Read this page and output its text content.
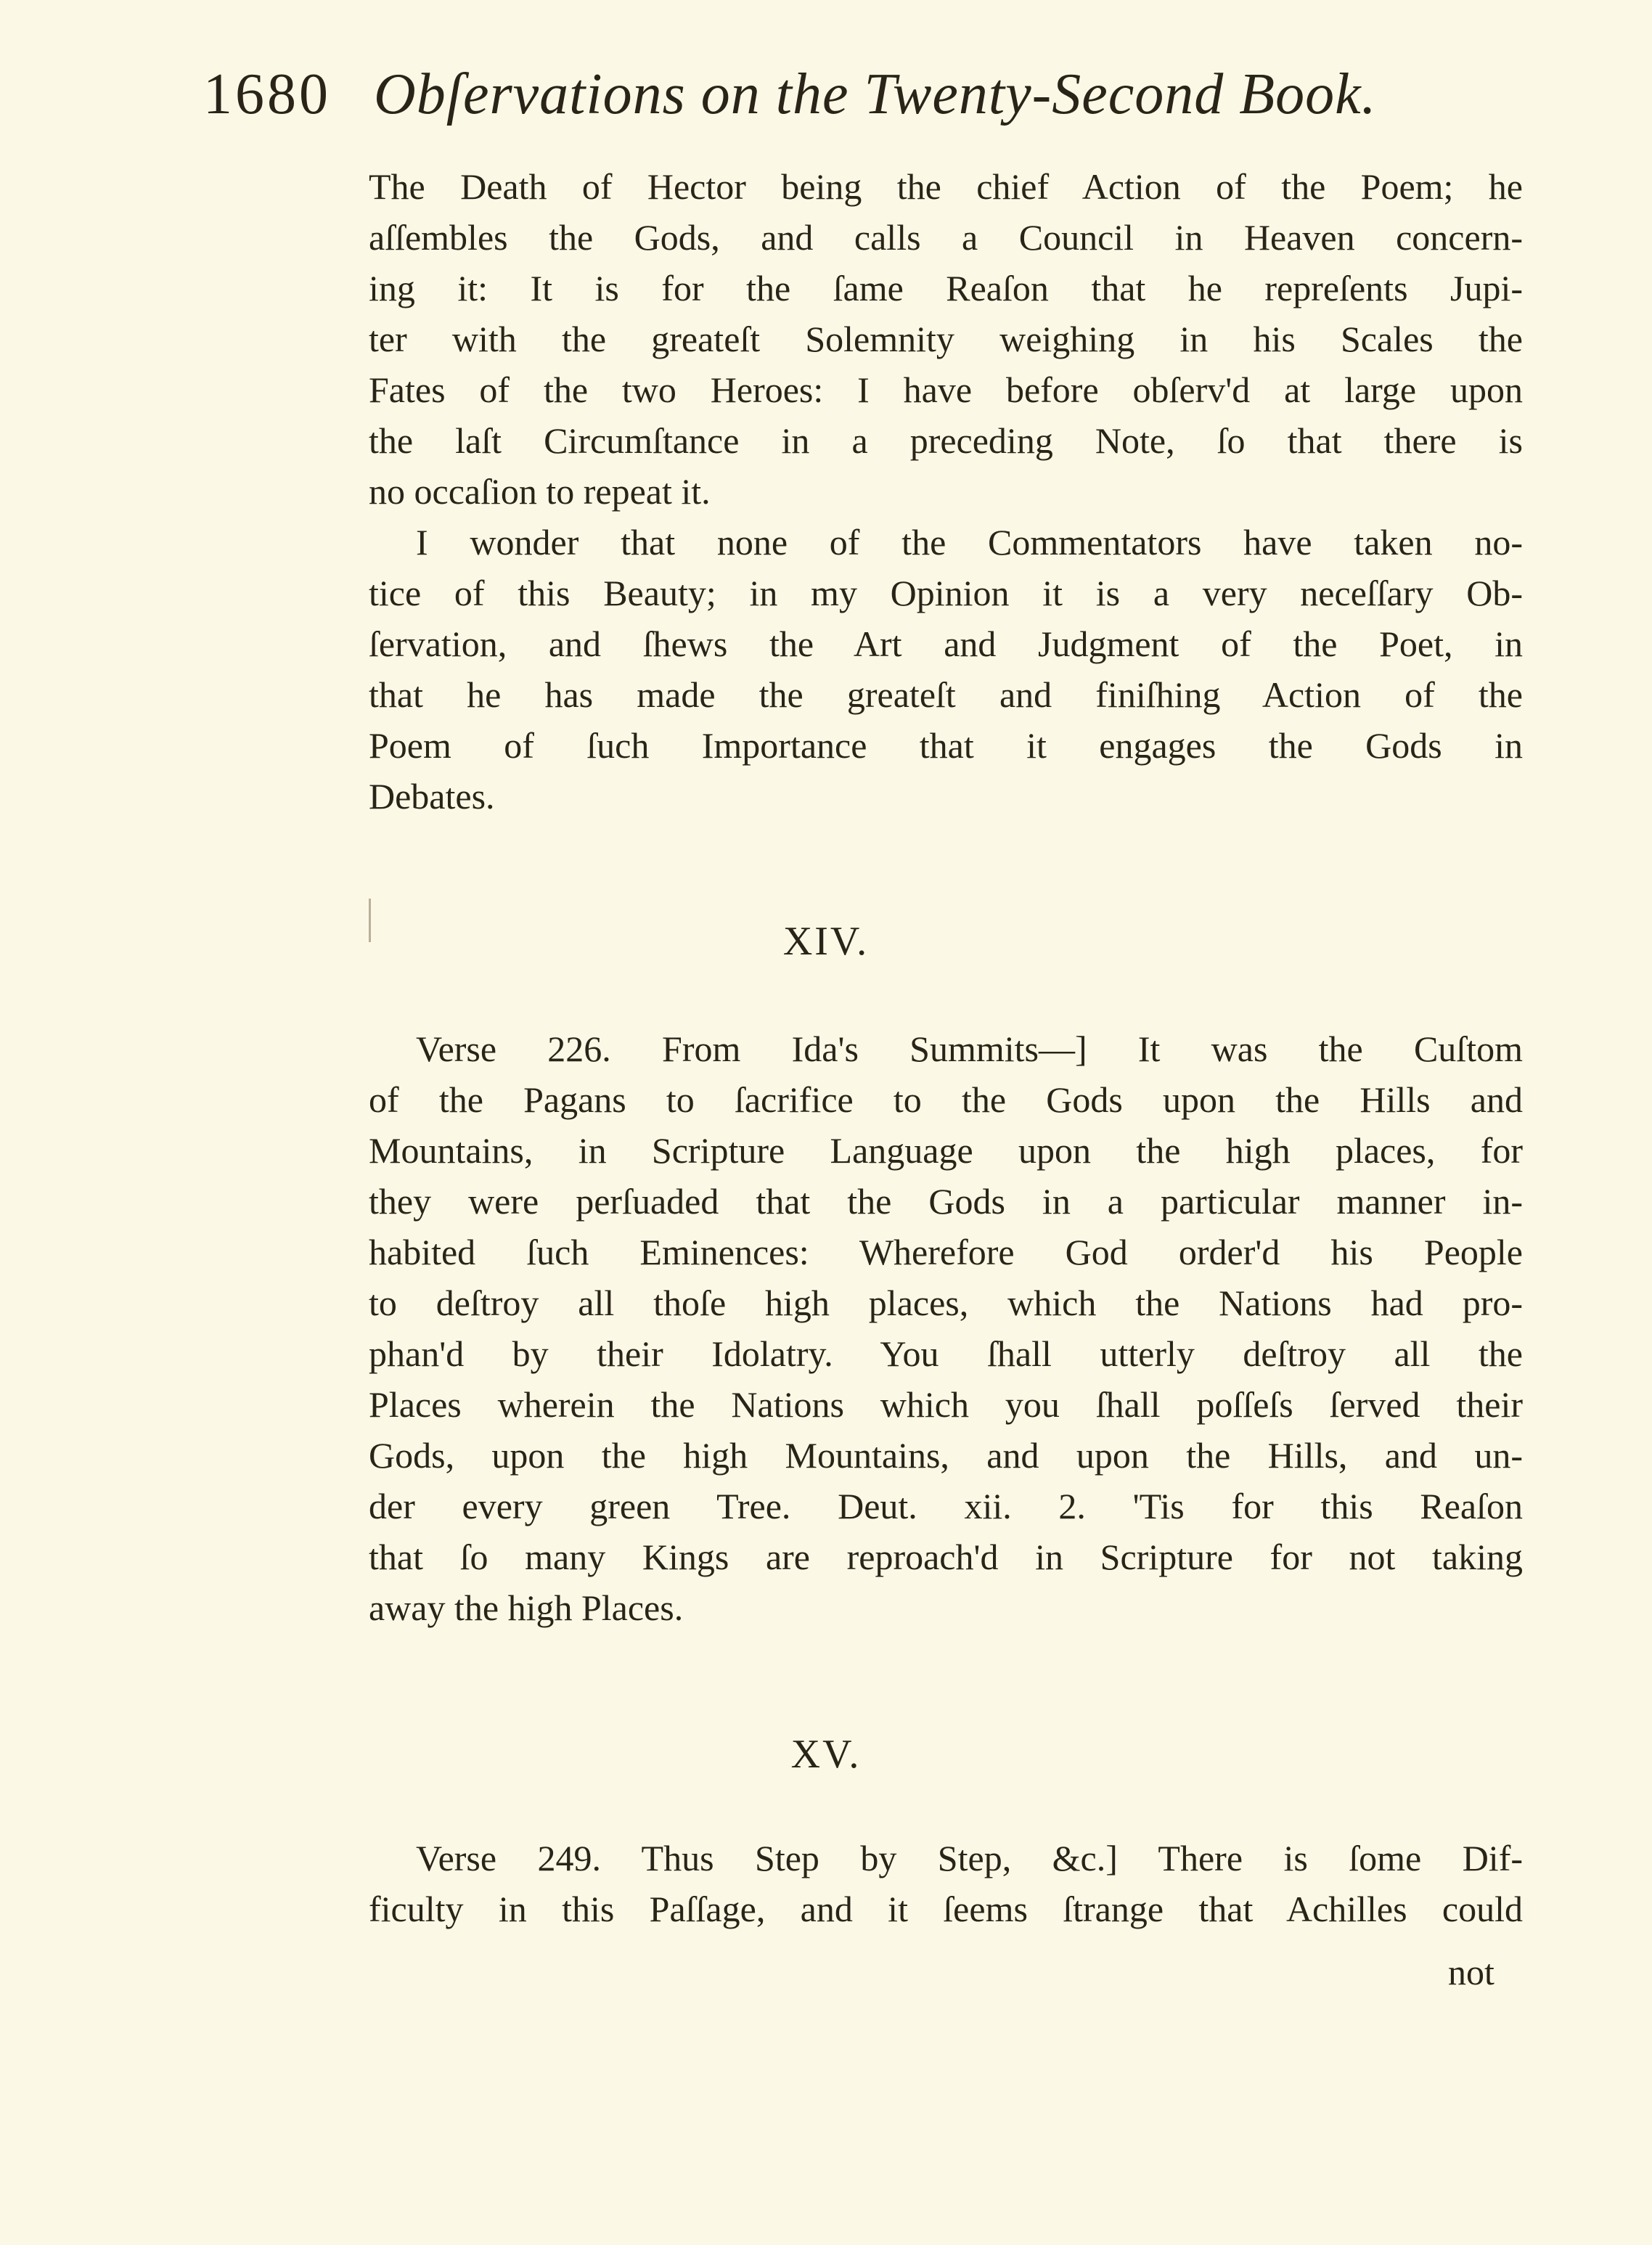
1680 Obſervations on the Twenty-Second Book.
The Death of Hector being the chief Action of the Poem; he
aſſembles the Gods, and calls a Council in Heaven concern-
ing it: It is for the ſame Reaſon that he repreſents Jupi-
ter with the greateſt Solemnity weighing in his Scales the
Fates of the two Heroes: I have before obſerv'd at large upon
the laſt Circumſtance in a preceding Note, ſo that there is
no occaſion to repeat it.
I wonder that none of the Commentators have taken no-
tice of this Beauty; in my Opinion it is a very neceſſary Ob-
ſervation, and ſhews the Art and Judgment of the Poet, in
that he has made the greateſt and finiſhing Action of the
Poem of ſuch Importance that it engages the Gods in
Debates.
XIV.
Verse 226. From Ida's Summits—] It was the Cuſtom
of the Pagans to ſacrifice to the Gods upon the Hills and
Mountains, in Scripture Language upon the high places, for
they were perſuaded that the Gods in a particular manner in-
habited ſuch Eminences: Wherefore God order'd his People
to deſtroy all thoſe high places, which the Nations had pro-
phan'd by their Idolatry. You ſhall utterly deſtroy all the
Places wherein the Nations which you ſhall poſſeſs ſerved their
Gods, upon the high Mountains, and upon the Hills, and un-
der every green Tree. Deut. xii. 2. 'Tis for this Reaſon
that ſo many Kings are reproach'd in Scripture for not taking
away the high Places.
XV.
Verse 249. Thus Step by Step, &c.] There is ſome Dif-
ficulty in this Paſſage, and it ſeems ſtrange that Achilles could
not
